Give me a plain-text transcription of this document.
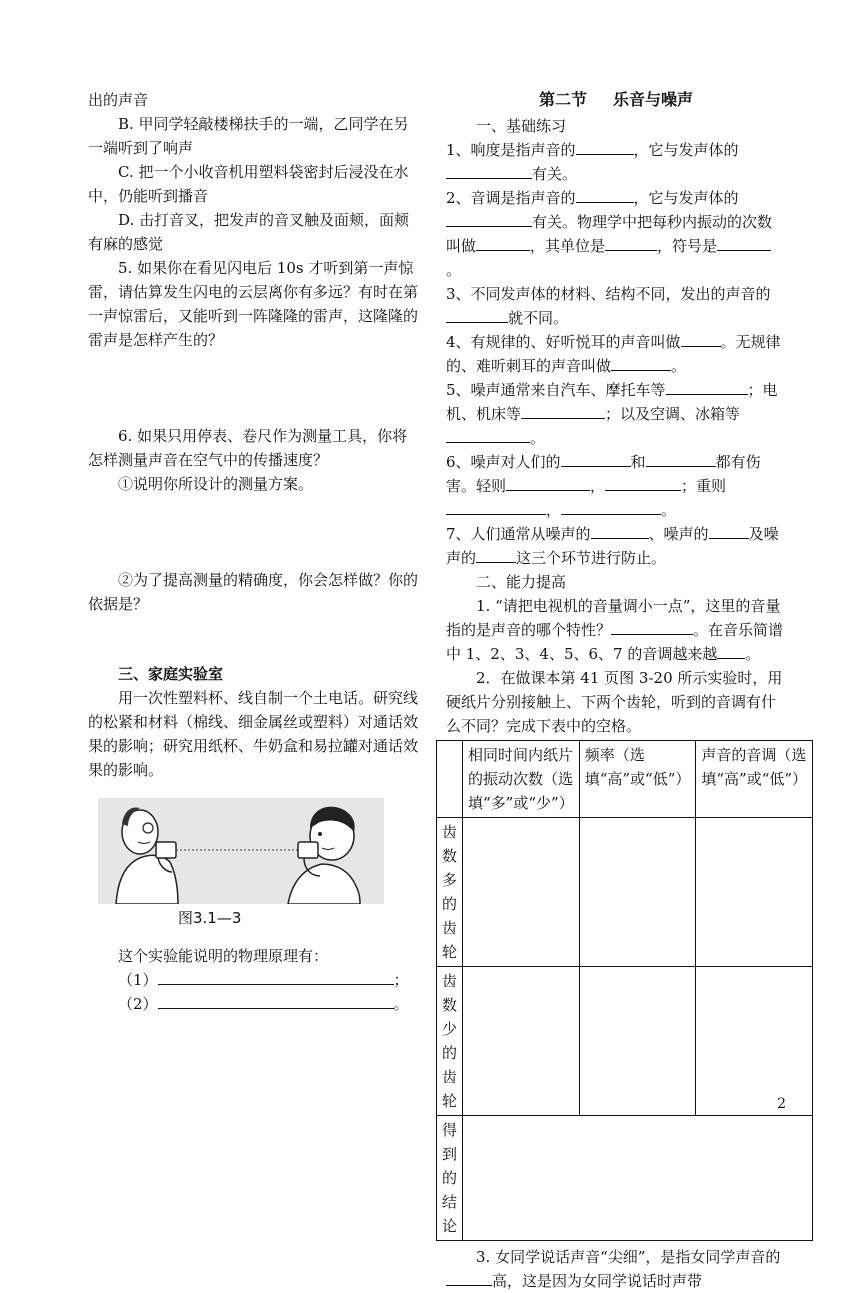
出的声音

B. 甲同学轻敲楼梯扶手的一端，乙同学在另一端听到了响声

C. 把一个小收音机用塑料袋密封后浸没在水中，仍能听到播音

D. 击打音叉，把发声的音叉触及面颊，面颊有麻的感觉

5. 如果你在看见闪电后 10s 才听到第一声惊雷，请估算发生闪电的云层离你有多远？有时在第一声惊雷后，又能听到一阵隆隆的雷声，这隆隆的雷声是怎样产生的？

6. 如果只用停表、卷尺作为测量工具，你将怎样测量声音在空气中的传播速度？

①说明你所设计的测量方案。

②为了提高测量的精确度，你会怎样做？你的依据是？

三、家庭实验室

用一次性塑料杯、线自制一个土电话。研究线的松紧和材料（棉线、细金属丝或塑料）对通话效果的影响；研究用纸杯、牛奶盒和易拉罐对通话效果的影响。

图3.1—3

这个实验能说明的物理原理有：

（1）	；

（2）	。

第二节 乐音与噪声

一、基础练习

1、响度是指声音的	，它与发声体的有关。

2、音调是指声音的	，它与发声体的有关。物理学中把每秒内振动的次数叫做	，其单位是	，符号是。

3、不同发声体的材料、结构不同，发出的声音的就不同。

4、有规律的、好听悦耳的声音叫做	。无规律的、难听刺耳的声音叫做	。

5、噪声通常来自汽车、摩托车等	；电机、机床等	；以及空调、冰箱等。

6、噪声对人们的	和	都有伤害。轻则	，	；重则，	。

7、人们通常从噪声的	、噪声的	及噪声的	这三个环节进行防止。

二、能力提高

1. “请把电视机的音量调小一点”，这里的音量指的是声音的哪个特性？	。在音乐简谱中 1、2、3、4、5、6、7 的音调越来越 。

2．在做课本第 41 页图 3-20 所示实验时，用硬纸片分别接触上、下两个齿轮，听到的音调有什么不同？完成下表中的空格。

	相同时间内纸片的振动次数（选填“多”或“少”）	频率（选填“高”或“低”）	声音的音调（选填“高”或“低”）
齿数多的齿轮			
齿数少的齿轮			
得到的结论			

3. 女同学说话声音“尖细”，是指女同学声音的高，这是因为女同学说话时声带

2
